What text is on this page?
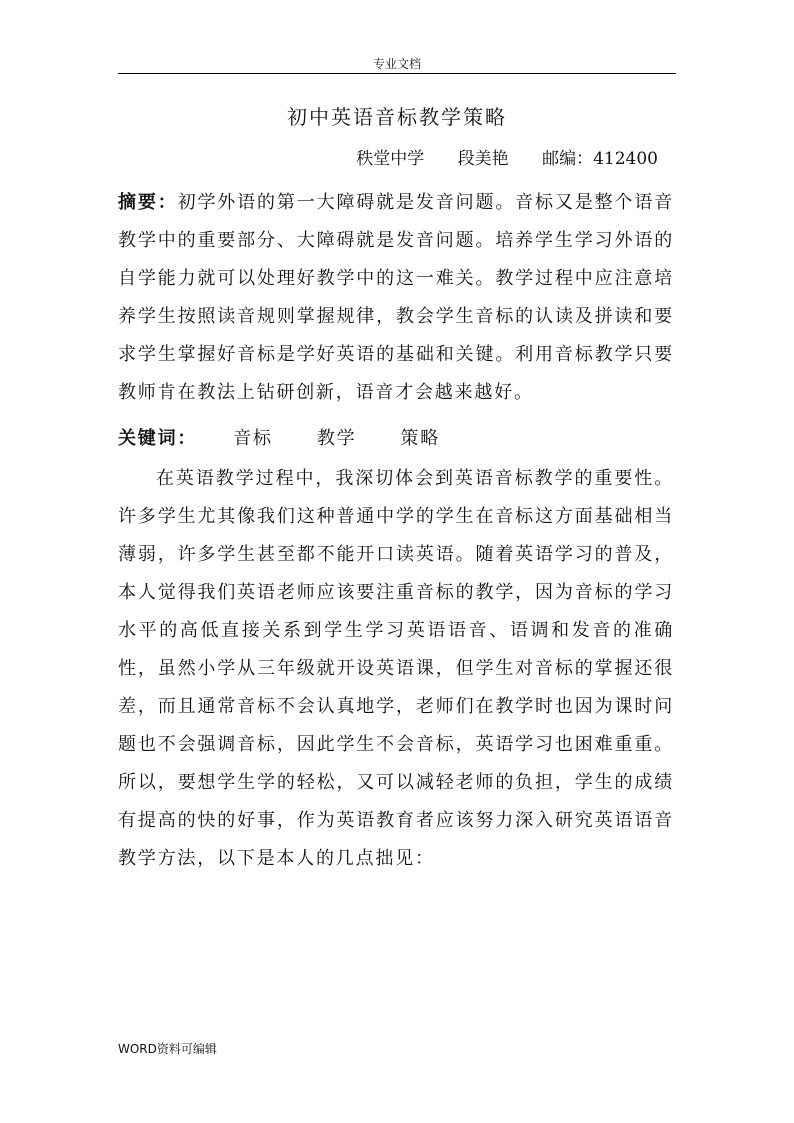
专业文档
初中英语音标教学策略
秩堂中学 段美艳 邮编：412400

摘要：初学外语的第一大障碍就是发音问题。音标又是整个语音教学中的重要部分、大障碍就是发音问题。培养学生学习外语的自学能力就可以处理好教学中的这一难关。教学过程中应注意培养学生按照读音规则掌握规律，教会学生音标的认读及拼读和要求学生掌握好音标是学好英语的基础和关键。利用音标教学只要教师肯在教法上钻研创新，语音才会越来越好。

关键词： 音标 教学 策略

在英语教学过程中，我深切体会到英语音标教学的重要性。许多学生尤其像我们这种普通中学的学生在音标这方面基础相当薄弱，许多学生甚至都不能开口读英语。随着英语学习的普及，本人觉得我们英语老师应该要注重音标的教学，因为音标的学习水平的高低直接关系到学生学习英语语音、语调和发音的准确性，虽然小学从三年级就开设英语课，但学生对音标的掌握还很差，而且通常音标不会认真地学，老师们在教学时也因为课时问题也不会强调音标，因此学生不会音标，英语学习也困难重重。所以，要想学生学的轻松，又可以减轻老师的负担，学生的成绩有提高的快的好事，作为英语教育者应该努力深入研究英语语音教学方法，以下是本人的几点拙见：

WORD资料可编辑
